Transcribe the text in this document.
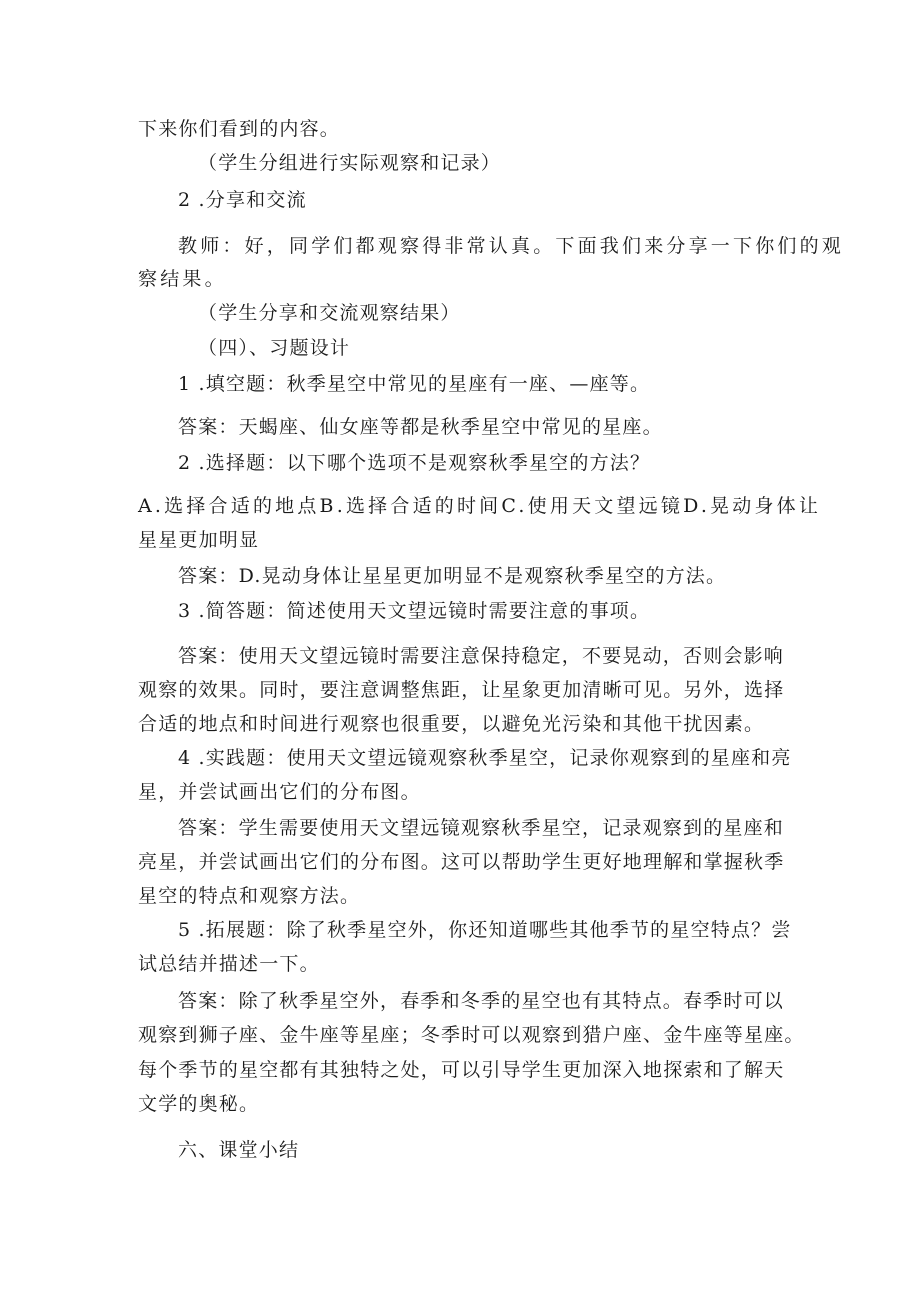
下来你们看到的内容。
（学生分组进行实际观察和记录）
2 .分享和交流
教师：好，同学们都观察得非常认真。下面我们来分享一下你们的观
察结果。
（学生分享和交流观察结果）
（四）、习题设计
1 .填空题：秋季星空中常见的星座有一座、—座等。
答案：天蝎座、仙女座等都是秋季星空中常见的星座。
2 .选择题：以下哪个选项不是观察秋季星空的方法？
A.选择合适的地点B.选择合适的时间C.使用天文望远镜D.晃动身体让
星星更加明显
答案：D.晃动身体让星星更加明显不是观察秋季星空的方法。
3 .简答题：简述使用天文望远镜时需要注意的事项。
答案：使用天文望远镜时需要注意保持稳定，不要晃动，否则会影响
观察的效果。同时，要注意调整焦距，让星象更加清晰可见。另外，选择
合适的地点和时间进行观察也很重要，以避免光污染和其他干扰因素。
4 .实践题：使用天文望远镜观察秋季星空，记录你观察到的星座和亮
星，并尝试画出它们的分布图。
答案：学生需要使用天文望远镜观察秋季星空，记录观察到的星座和
亮星，并尝试画出它们的分布图。这可以帮助学生更好地理解和掌握秋季
星空的特点和观察方法。
5 .拓展题：除了秋季星空外，你还知道哪些其他季节的星空特点？尝
试总结并描述一下。
答案：除了秋季星空外，春季和冬季的星空也有其特点。春季时可以
观察到狮子座、金牛座等星座；冬季时可以观察到猎户座、金牛座等星座。
每个季节的星空都有其独特之处，可以引导学生更加深入地探索和了解天
文学的奥秘。
六、课堂小结
